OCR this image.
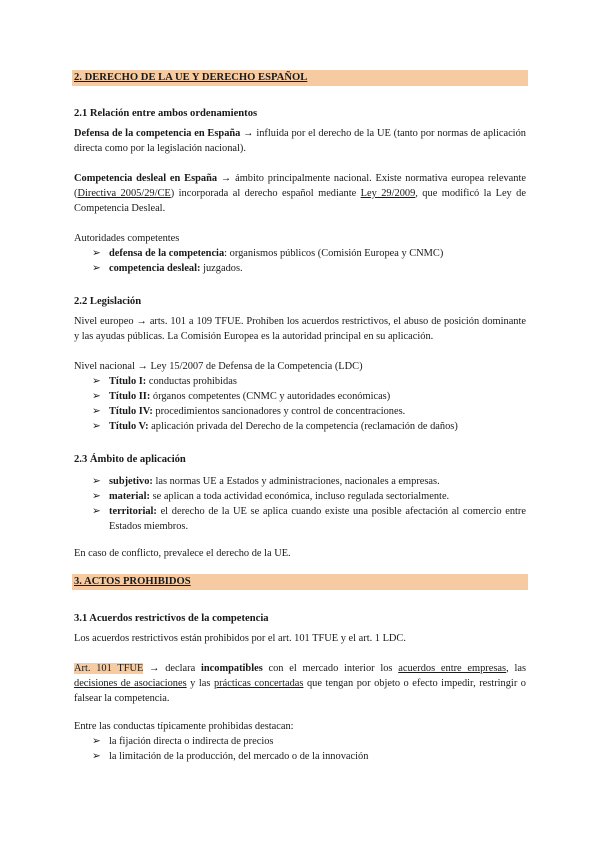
2. DERECHO DE LA UE Y DERECHO ESPAÑOL
2.1 Relación entre ambos ordenamientos
Defensa de la competencia en España → influida por el derecho de la UE (tanto por normas de aplicación directa como por la legislación nacional).
Competencia desleal en España → ámbito principalmente nacional. Existe normativa europea relevante (Directiva 2005/29/CE) incorporada al derecho español mediante Ley 29/2009, que modificó la Ley de Competencia Desleal.
Autoridades competentes
➢ defensa de la competencia: organismos públicos (Comisión Europea y CNMC)
➢ competencia desleal: juzgados.
2.2 Legislación
Nivel europeo → arts. 101 a 109 TFUE. Prohíben los acuerdos restrictivos, el abuso de posición dominante y las ayudas públicas. La Comisión Europea es la autoridad principal en su aplicación.
Nivel nacional → Ley 15/2007 de Defensa de la Competencia (LDC)
➢ Título I: conductas prohibidas
➢ Título II: órganos competentes (CNMC y autoridades económicas)
➢ Título IV: procedimientos sancionadores y control de concentraciones.
➢ Título V: aplicación privada del Derecho de la competencia (reclamación de daños)
2.3 Ámbito de aplicación
➢ subjetivo: las normas UE a Estados y administraciones, nacionales a empresas.
➢ material: se aplican a toda actividad económica, incluso regulada sectorialmente.
➢ territorial: el derecho de la UE se aplica cuando existe una posible afectación al comercio entre Estados miembros.
En caso de conflicto, prevalece el derecho de la UE.
3. ACTOS PROHIBIDOS
3.1 Acuerdos restrictivos de la competencia
Los acuerdos restrictivos están prohibidos por el art. 101 TFUE y el art. 1 LDC.
Art. 101 TFUE → declara incompatibles con el mercado interior los acuerdos entre empresas, las decisiones de asociaciones y las prácticas concertadas que tengan por objeto o efecto impedir, restringir o falsear la competencia.
Entre las conductas típicamente prohibidas destacan:
➢ la fijación directa o indirecta de precios
➢ la limitación de la producción, del mercado o de la innovación
